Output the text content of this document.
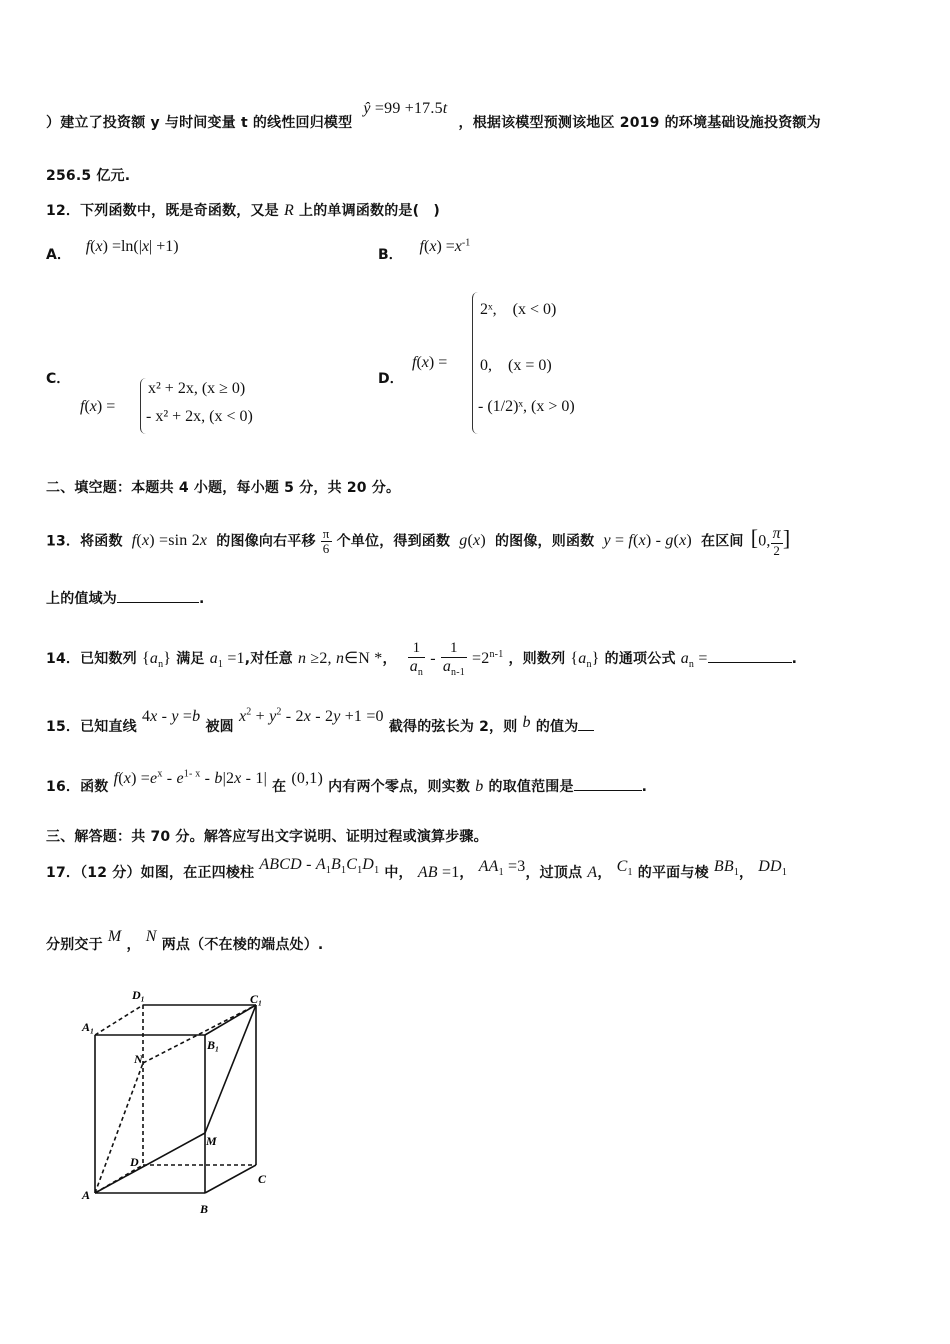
）建立了投资额 y 与时间变量 t 的线性回归模型 ŷ =99 +17.5t ，根据该模型预测该地区 2019 的环境基础设施投资额为
256.5 亿元.
12．下列函数中，既是奇函数，又是 R 上的单调函数的是(　)
A． f(x) =ln(|x| +1)	B． $f(x) =x^{-1}$
C．
f(x) =
x² + 2x, (x ≥ 0)
- x² + 2x, (x < 0)
D．
f(x) =
2ˣ,　(x < 0)
0,　(x = 0)
- (1/2)ˣ, (x > 0)
二、填空题：本题共 4 小题，每小题 5 分，共 20 分。
13．将函数 f(x) =sin 2x 的图像向右平移 $\frac{\pi}{6}$ 个单位，得到函数 g(x) 的图像，则函数 y = f(x) - g(x) 在区间 [0, $\frac{\pi}{2}$ ]
上的值域为	.
14．已知数列 $\{a_n\}$ 满足 $a_1 =1$,对任意 n ≥2, n∈N *， $\frac{1}{a_n} - \frac{1}{a_{n-1}} =2^{n-1}$ ，则数列 $\{a_n\}$ 的通项公式 $a_n$ =	.
15．已知直线 4x - y =b 被圆 $x^2 + y^2 - 2x - 2y +1 =0$ 截得的弦长为 2，则 b 的值为
16．函数 $f(x) =e^x - e^{1- x} - b|2x - 1|$ 在 (0,1) 内有两个零点，则实数 b 的取值范围是	.
三、解答题：共 70 分。解答应写出文字说明、证明过程或演算步骤。
17．（12 分）如图，在正四棱柱 ABCD - $A_1B_1C_1D_1$ 中， AB =1， $AA_1 =3$，过顶点 A， $C_1$ 的平面与棱 $BB_1$， $DD_1$
分别交于 M ， N 两点（不在棱的端点处）.
D₁	C₁
A₁
B₁
N
M
D
C
A
B
